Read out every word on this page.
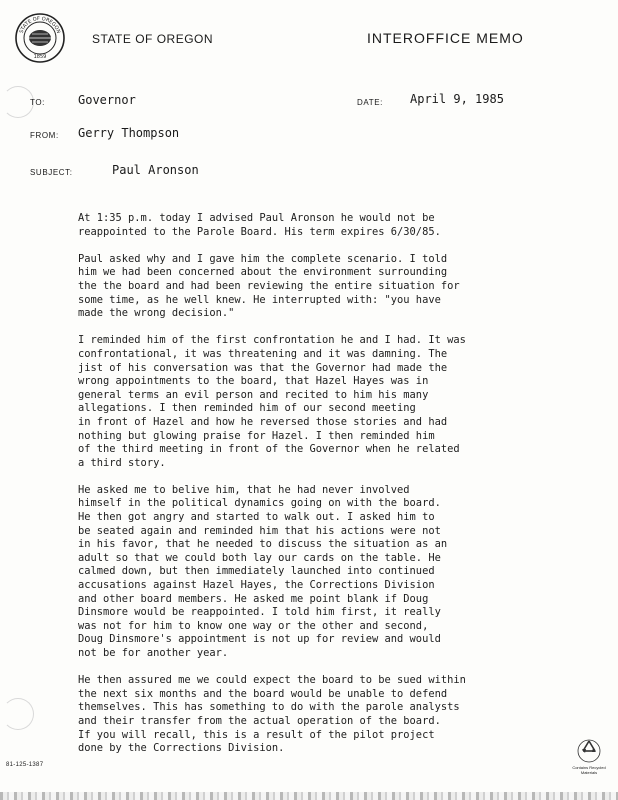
STATE OF OREGON
1859
STATE OF OREGON	INTEROFFICE MEMO
TO:	Governor	DATE: April 9, 1985
FROM: Gerry Thompson
SUBJECT:	Paul Aronson

At 1:35 p.m. today I advised Paul Aronson he would not be
reappointed to the Parole Board. His term expires 6/30/85.

Paul asked why and I gave him the complete scenario. I told
him we had been concerned about the environment surrounding
the the board and had been reviewing the entire situation for
some time, as he well knew. He interrupted with: "you have
made the wrong decision."

I reminded him of the first confrontation he and I had. It was
confrontational, it was threatening and it was damning. The
jist of his conversation was that the Governor had made the
wrong appointments to the board, that Hazel Hayes was in
general terms an evil person and recited to him his many
allegations. I then reminded him of our second meeting
in front of Hazel and how he reversed those stories and had
nothing but glowing praise for Hazel. I then reminded him
of the third meeting in front of the Governor when he related
a third story.

He asked me to belive him, that he had never involved
himself in the political dynamics going on with the board.
He then got angry and started to walk out. I asked him to
be seated again and reminded him that his actions were not
in his favor, that he needed to discuss the situation as an
adult so that we could both lay our cards on the table. He
calmed down, but then immediately launched into continued
accusations against Hazel Hayes, the Corrections Division
and other board members. He asked me point blank if Doug
Dinsmore would be reappointed. I told him first, it really
was not for him to know one way or the other and second,
Doug Dinsmore's appointment is not up for review and would
not be for another year.

He then assured me we could expect the board to be sued within
the next six months and the board would be unable to defend
themselves. This has something to do with the parole analysts
and their transfer from the actual operation of the board.
If you will recall, this is a result of the pilot project
done by the Corrections Division.

81-125-1387	Contains Recycled Materials
